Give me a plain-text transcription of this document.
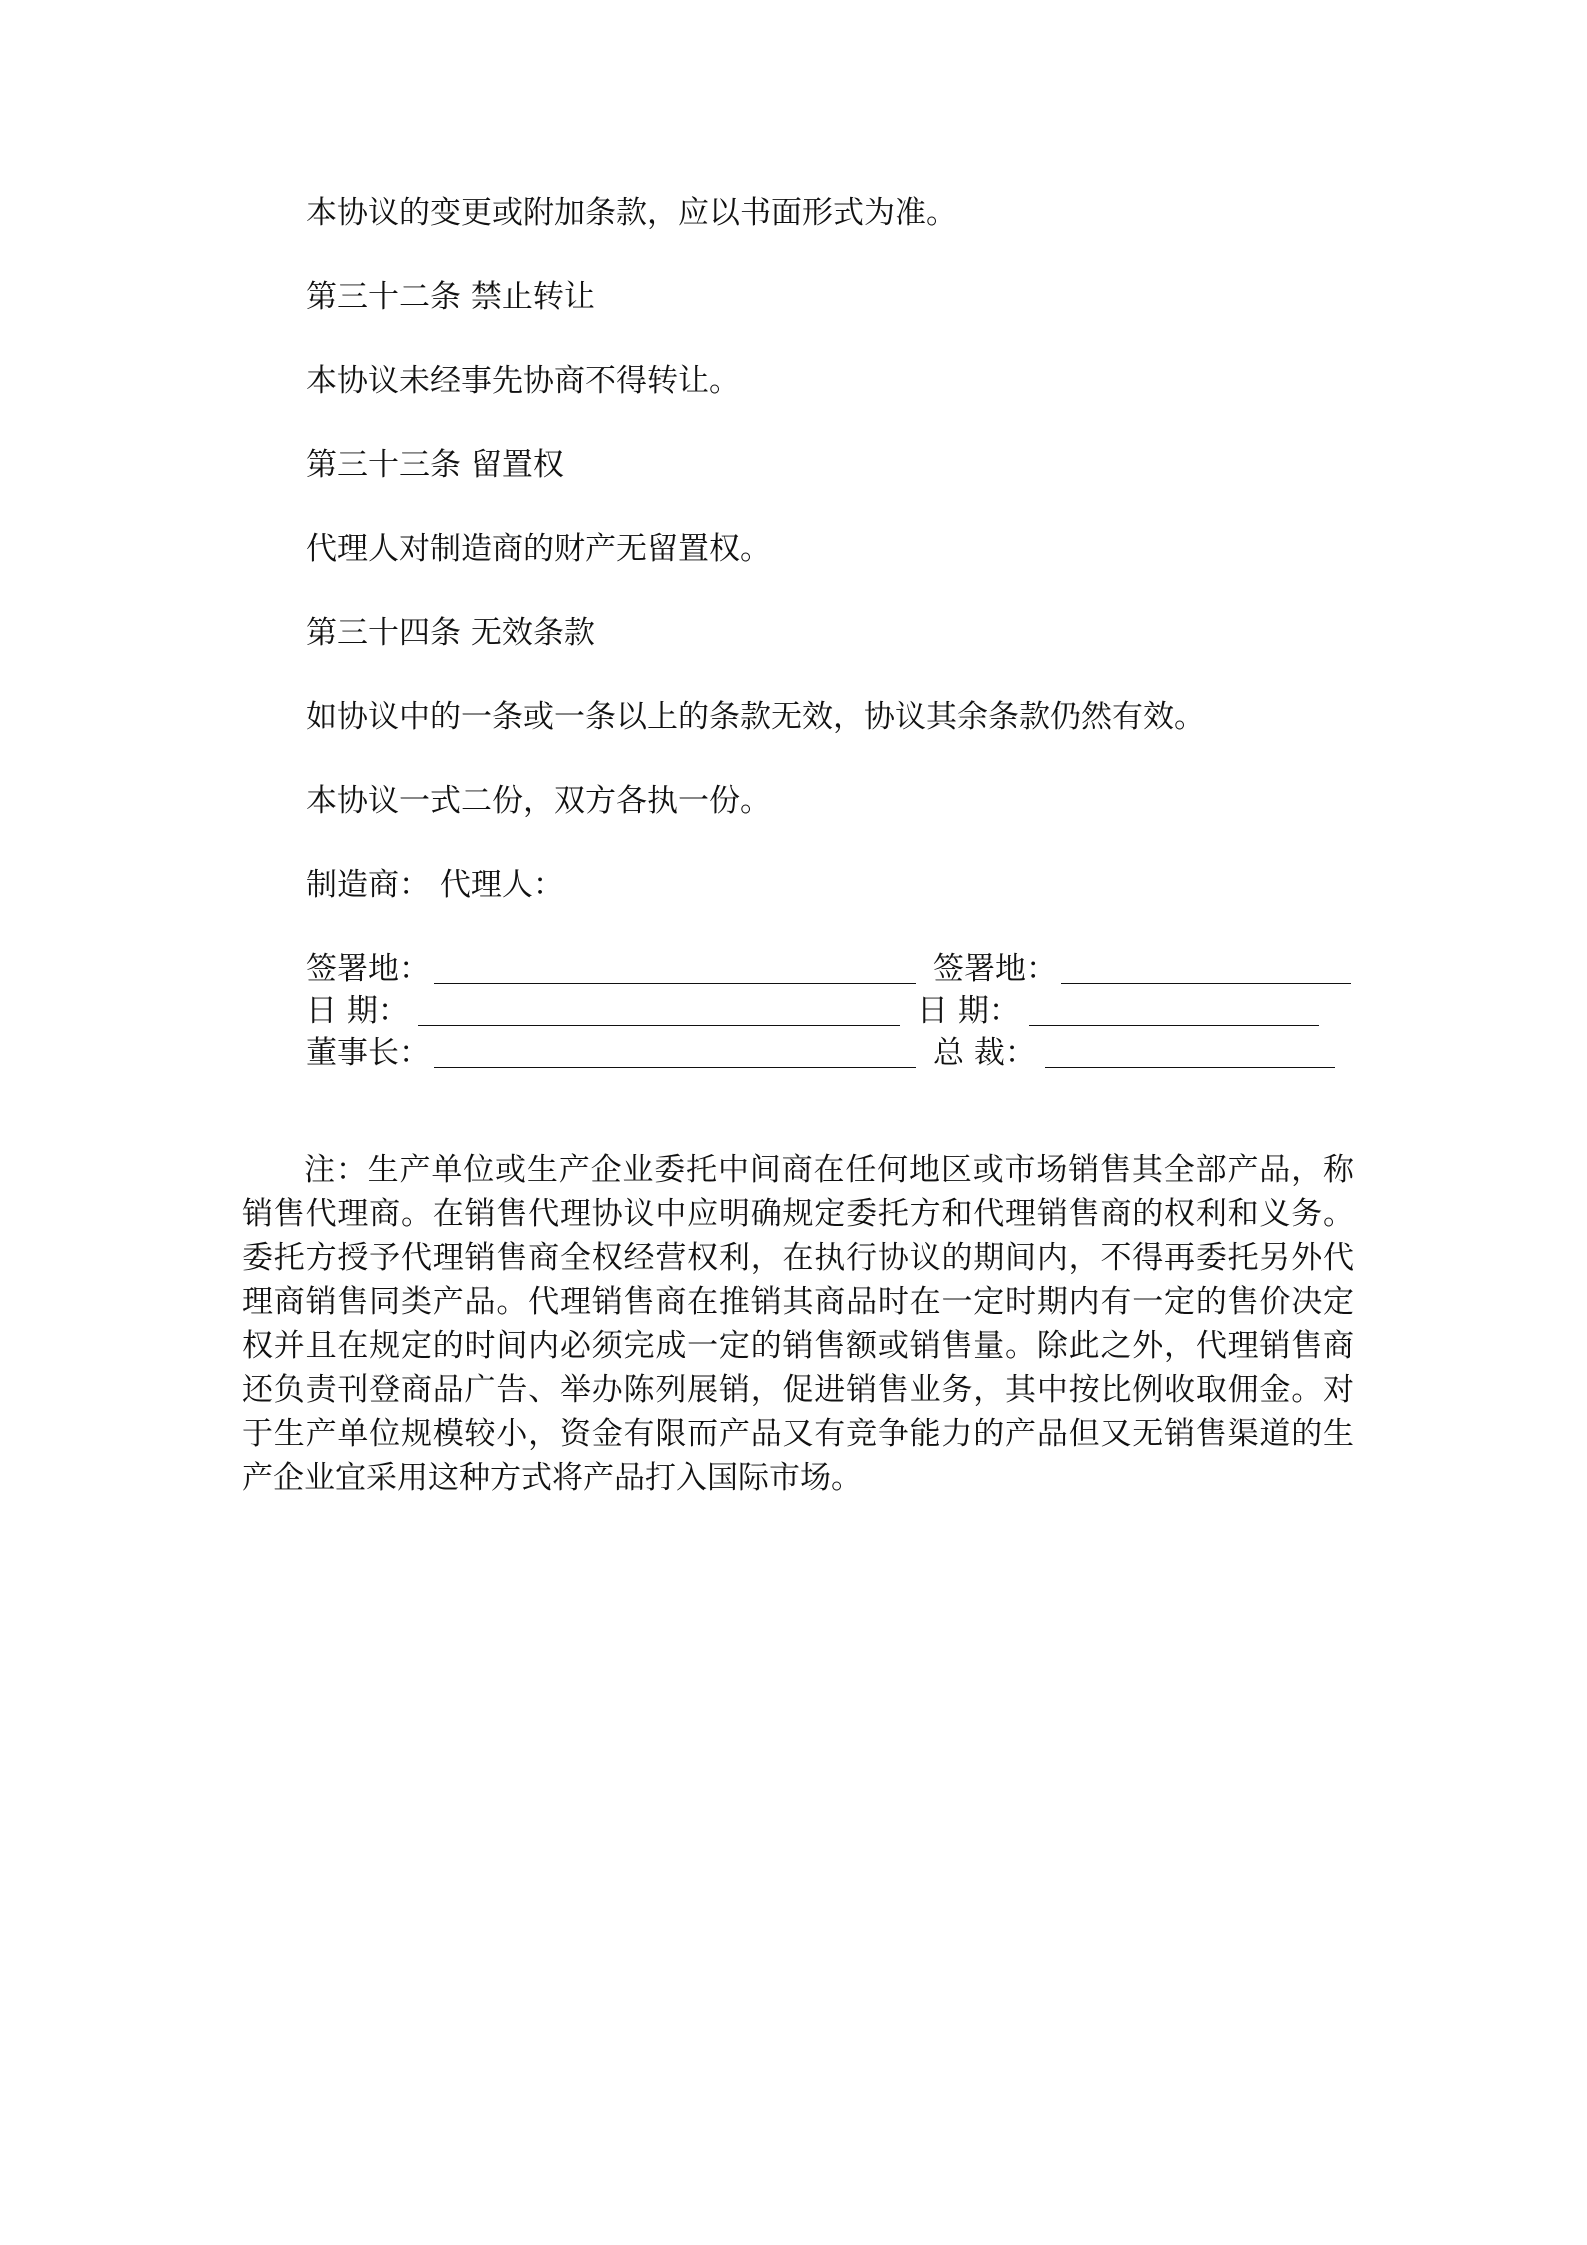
本协议的变更或附加条款，应以书面形式为准。

第三十二条 禁止转让

本协议未经事先协商不得转让。

第三十三条 留置权

代理人对制造商的财产无留置权。

第三十四条 无效条款

如协议中的一条或一条以上的条款无效，协议其余条款仍然有效。

本协议一式二份，双方各执一份。

制造商： 代理人：

签署地：	签署地：
日 期：	日 期：
董事长：	总 裁：

注：生产单位或生产企业委托中间商在任何地区或市场销售其全部产品，称销售代理商。在销售代理协议中应明确规定委托方和代理销售商的权利和义务。委托方授予代理销售商全权经营权利，在执行协议的期间内，不得再委托另外代理商销售同类产品。代理销售商在推销其商品时在一定时期内有一定的售价决定权并且在规定的时间内必须完成一定的销售额或销售量。除此之外，代理销售商还负责刊登商品广告、举办陈列展销，促进销售业务，其中按比例收取佣金。对于生产单位规模较小，资金有限而产品又有竞争能力的产品但又无销售渠道的生产企业宜采用这种方式将产品打入国际市场。
